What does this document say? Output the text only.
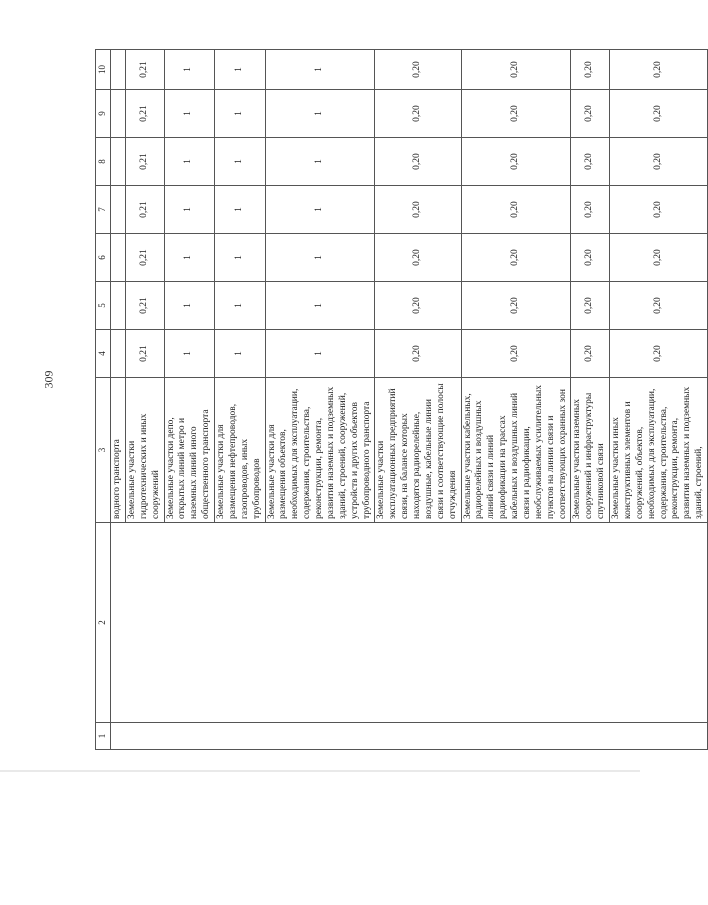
309
1	2	3	4	5	6	7	8	9	10
		водного транспорта							
		Земельные участки гидротехнических и иных сооружений	0,21	0,21	0,21	0,21	0,21	0,21	0,21
		Земельные участки депо, открытых линий метро и наземных линий иного общественного транспорта	1	1	1	1	1	1	1
		Земельные участки для размещения нефтепроводов, газопроводов, иных трубопроводов	1	1	1	1	1	1	1
		Земельные участки для размещения объектов, необходимых для эксплуатации, содержания, строительства, реконструкции, ремонта, развития наземных и подземных зданий, строений, сооружений, устройств и других объектов трубопроводного транспорта	1	1	1	1	1	1	1
		Земельные участки эксплуатационных предприятий связи, на балансе которых находятся радиорелейные, воздушные, кабельные линии связи и соответствующие полосы отчуждения	0,20	0,20	0,20	0,20	0,20	0,20	0,20
		Земельные участки кабельных, радиорелейных и воздушных линий связи и линий радиофикации на трассах кабельных и воздушных линий связи и радиофикации, необслуживаемых усилительных пунктов на линии связи и соответствующих охранных зон	0,20	0,20	0,20	0,20	0,20	0,20	0,20
		Земельные участки наземных сооружений и инфраструктуры спутниковой связи	0,20	0,20	0,20	0,20	0,20	0,20	0,20
		Земельные участки иных конструктивных элементов и сооружений, объектов, необходимых для эксплуатации, содержания, строительства, реконструкции, ремонта, развития наземных и подземных зданий, строений,	0,20	0,20	0,20	0,20	0,20	0,20	0,20
